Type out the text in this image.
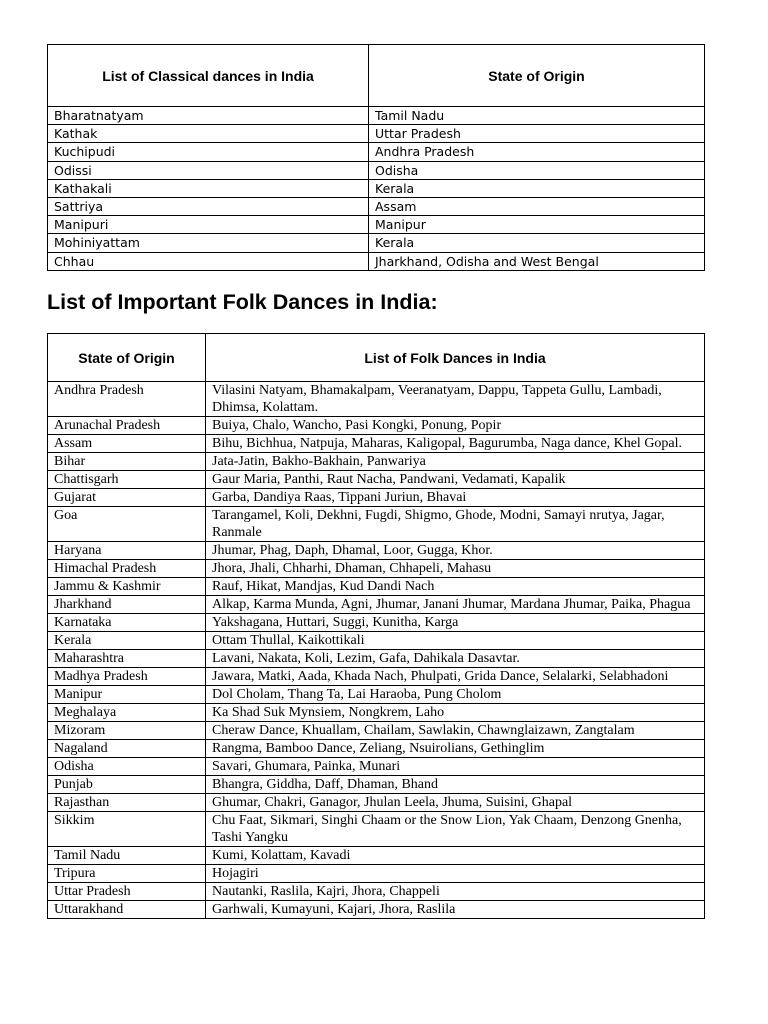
List of Classical dances in India	State of Origin
Bharatnatyam	Tamil Nadu
Kathak	Uttar Pradesh
Kuchipudi	Andhra Pradesh
Odissi	Odisha
Kathakali	Kerala
Sattriya	Assam
Manipuri	Manipur
Mohiniyattam	Kerala
Chhau	Jharkhand, Odisha and West Bengal
List of Important Folk Dances in India:
State of Origin	List of Folk Dances in India
Andhra Pradesh	Vilasini Natyam, Bhamakalpam, Veeranatyam, Dappu, Tappeta Gullu, Lambadi, Dhimsa, Kolattam.
Arunachal Pradesh	Buiya, Chalo, Wancho, Pasi Kongki, Ponung, Popir
Assam	Bihu, Bichhua, Natpuja, Maharas, Kaligopal, Bagurumba, Naga dance, Khel Gopal.
Bihar	Jata-Jatin, Bakho-Bakhain, Panwariya
Chattisgarh	Gaur Maria, Panthi, Raut Nacha, Pandwani, Vedamati, Kapalik
Gujarat	Garba, Dandiya Raas, Tippani Juriun, Bhavai
Goa	Tarangamel, Koli, Dekhni, Fugdi, Shigmo, Ghode, Modni, Samayi nrutya, Jagar, Ranmale
Haryana	Jhumar, Phag, Daph, Dhamal, Loor, Gugga, Khor.
Himachal Pradesh	Jhora, Jhali, Chharhi, Dhaman, Chhapeli, Mahasu
Jammu & Kashmir	Rauf, Hikat, Mandjas, Kud Dandi Nach
Jharkhand	Alkap, Karma Munda, Agni, Jhumar, Janani Jhumar, Mardana Jhumar, Paika, Phagua
Karnataka	Yakshagana, Huttari, Suggi, Kunitha, Karga
Kerala	Ottam Thullal, Kaikottikali
Maharashtra	Lavani, Nakata, Koli, Lezim, Gafa, Dahikala Dasavtar.
Madhya Pradesh	Jawara, Matki, Aada, Khada Nach, Phulpati, Grida Dance, Selalarki, Selabhadoni
Manipur	Dol Cholam, Thang Ta, Lai Haraoba, Pung Cholom
Meghalaya	Ka Shad Suk Mynsiem, Nongkrem, Laho
Mizoram	Cheraw Dance, Khuallam, Chailam, Sawlakin, Chawnglaizawn, Zangtalam
Nagaland	Rangma, Bamboo Dance, Zeliang, Nsuirolians, Gethinglim
Odisha	Savari, Ghumara, Painka, Munari
Punjab	Bhangra, Giddha, Daff, Dhaman, Bhand
Rajasthan	Ghumar, Chakri, Ganagor, Jhulan Leela, Jhuma, Suisini, Ghapal
Sikkim	Chu Faat, Sikmari, Singhi Chaam or the Snow Lion, Yak Chaam, Denzong Gnenha, Tashi Yangku
Tamil Nadu	Kumi, Kolattam, Kavadi
Tripura	Hojagiri
Uttar Pradesh	Nautanki, Raslila, Kajri, Jhora, Chappeli
Uttarakhand	Garhwali, Kumayuni, Kajari, Jhora, Raslila
